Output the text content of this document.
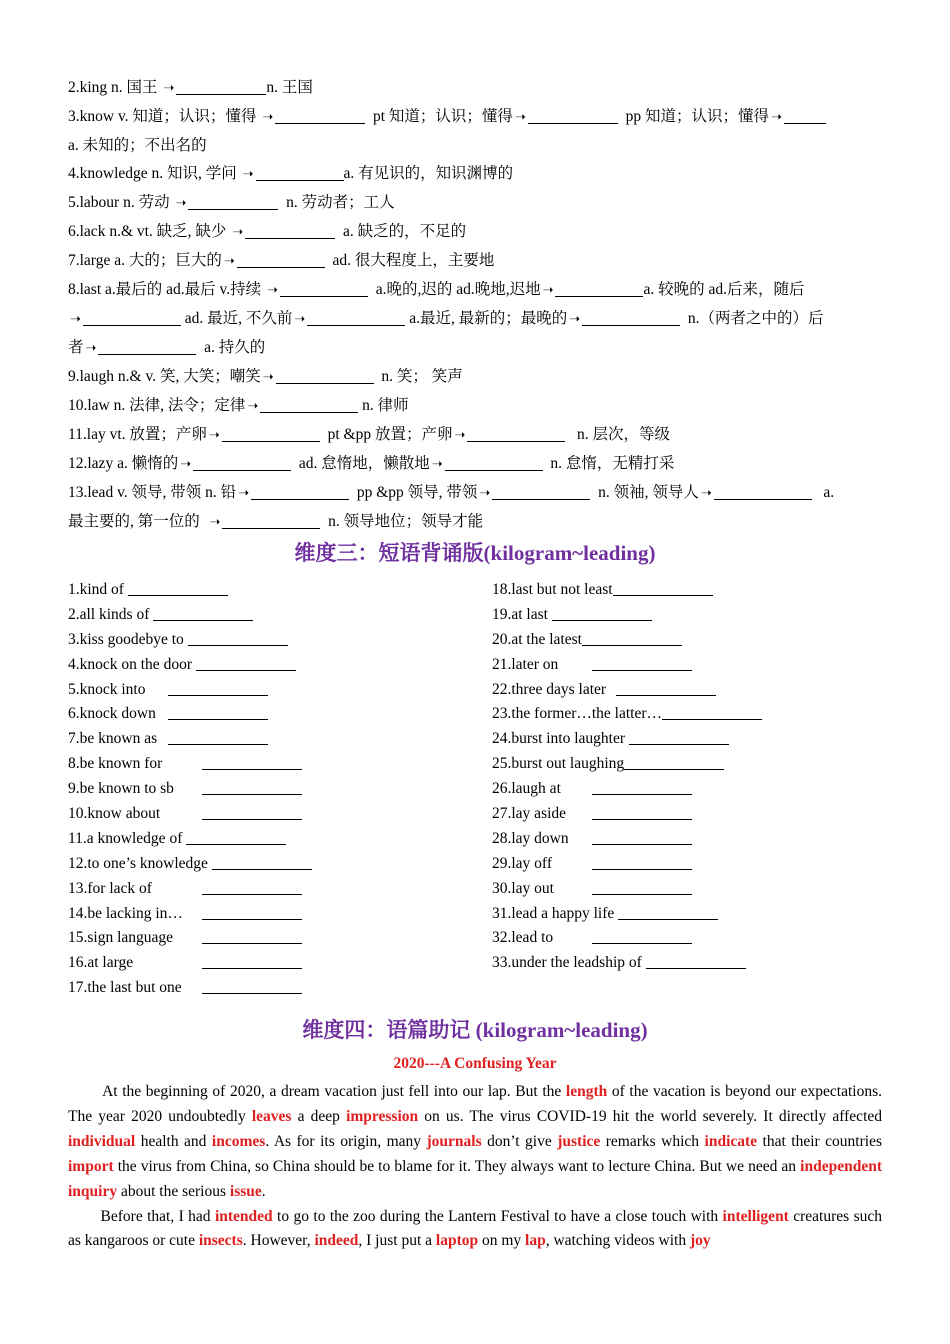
2.king n. 国王 ➝	n. 王国
3.know v. 知道；认识；懂得 ➝	pt 知道；认识；懂得 ➝	pp 知道；认识；懂得 ➝
a. 未知的；不出名的
4.knowledge n. 知识, 学问 ➝	a. 有见识的，知识渊博的
5.labour n. 劳动 ➝	n. 劳动者；工人
6.lack n.& vt. 缺乏, 缺少 ➝	a. 缺乏的，不足的
7.large a. 大的；巨大的 ➝	ad. 很大程度上，主要地
8.last a.最后的 ad.最后 v.持续 ➝	a.晚的,迟的 ad.晚地,迟地 ➝	a. 较晚的 ad.后来，随后
➝	ad. 最近, 不久前 ➝	a.最近, 最新的；最晚的 ➝	n.（两者之中的）后
者 ➝	a. 持久的
9.laugh n.& v. 笑, 大笑；嘲笑 ➝	n. 笑； 笑声
10.law n. 法律, 法令；定律 ➝	n. 律师
11.lay vt. 放置；产卵 ➝	pt &pp 放置；产卵 ➝	n. 层次，等级
12.lazy a. 懒惰的 ➝	ad. 怠惰地，懒散地 ➝	n. 怠惰，无精打采
13.lead v. 领导, 带领 n. 铅 ➝	pp &pp 领导, 带领 ➝	n. 领袖, 领导人 ➝	a.
最主要的, 第一位的 ➝	n. 领导地位；领导才能
维度三：短语背诵版(kilogram~leading)
1.kind of
2.all kinds of
3.kiss goodebye to
4.knock on the door
5.knock into
6.knock down
7.be known as
8.be known for
9.be known to sb
10.know about
11.a knowledge of
12.to one’s knowledge
13.for lack of
14.be lacking in…
15.sign language
16.at large
17.the last but one
18.last but not least
19.at last
20.at the latest
21.later on
22.three days later
23.the former…the latter…
24.burst into laughter
25.burst out laughing
26.laugh at
27.lay aside
28.lay down
29.lay off
30.lay out
31.lead a happy life
32.lead to
33.under the leadship of
维度四：语篇助记 (kilogram~leading)
2020---A Confusing Year

At the beginning of 2020, a dream vacation just fell into our lap. But the length of the vacation is beyond our expectations. The year 2020 undoubtedly leaves a deep impression on us. The virus COVID-19 hit the world severely. It directly affected individual health and incomes. As for its origin, many journals don’t give justice remarks which indicate that their countries import the virus from China, so China should be to blame for it. They always want to lecture China. But we need an independent inquiry about the serious issue.

Before that, I had intended to go to the zoo during the Lantern Festival to have a close touch with intelligent creatures such as kangaroos or cute insects. However, indeed, I just put a laptop on my lap, watching videos with joy
